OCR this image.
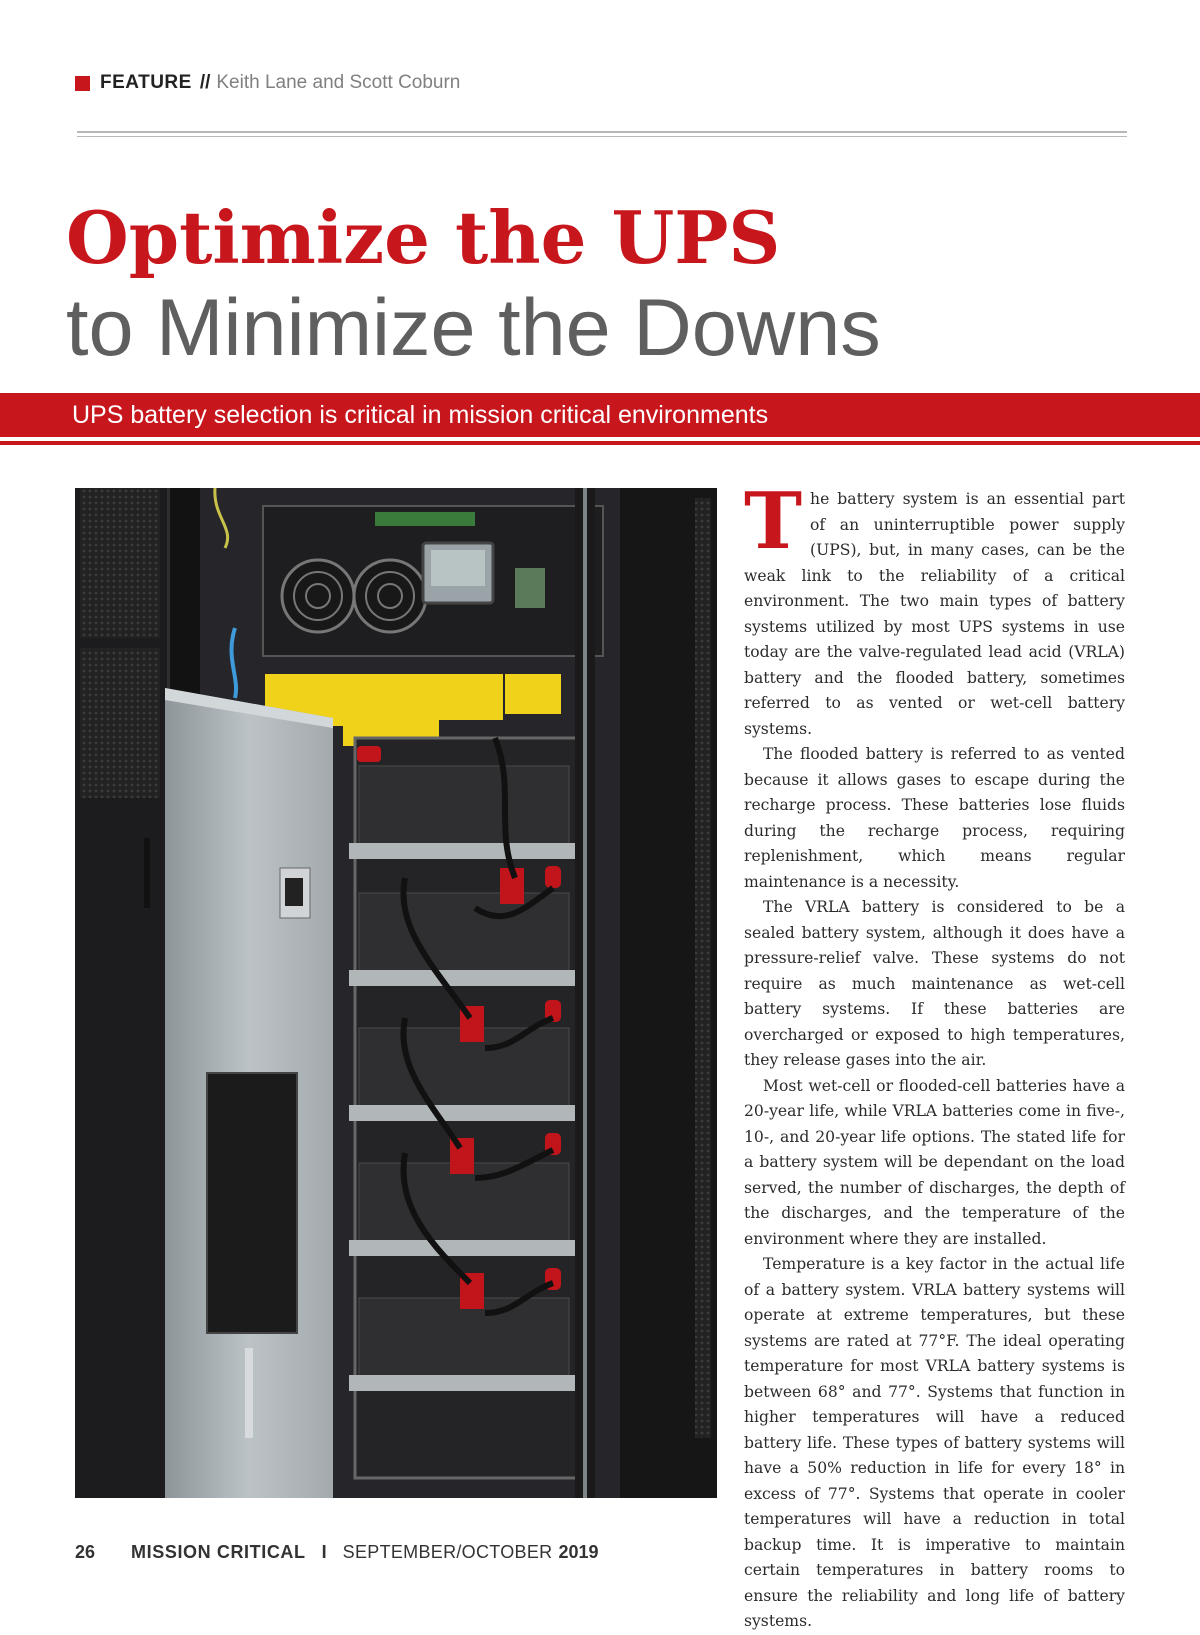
FEATURE // Keith Lane and Scott Coburn
Optimize the UPS
to Minimize the Downs
UPS battery selection is critical in mission critical environments

The battery system is an essential part of an uninterruptible power supply (UPS), but, in many cases, can be the weak link to the reliability of a critical environment. The two main types of battery systems utilized by most UPS systems in use today are the valve-regulated lead acid (VRLA) battery and the flooded battery, sometimes referred to as vented or wet-cell battery systems.

The flooded battery is referred to as vented because it allows gases to escape during the recharge process. These batteries lose fluids during the recharge process, requiring replenishment, which means regular maintenance is a necessity.

The VRLA battery is considered to be a sealed battery system, although it does have a pressure-relief valve. These systems do not require as much maintenance as wet-cell battery systems. If these batteries are overcharged or exposed to high temperatures, they release gases into the air.

Most wet-cell or flooded-cell batteries have a 20-year life, while VRLA batteries come in five-, 10-, and 20-year life options. The stated life for a battery system will be dependant on the load served, the number of discharges, the depth of the discharges, and the temperature of the environment where they are installed.

Temperature is a key factor in the actual life of a battery system. VRLA battery systems will operate at extreme temperatures, but these systems are rated at 77°F. The ideal operating temperature for most VRLA battery systems is between 68° and 77°. Systems that function in higher temperatures will have a reduced battery life. These types of battery systems will have a 50% reduction in life for every 18° in excess of 77°. Systems that operate in cooler temperatures will have a reduction in total backup time. It is imperative to maintain certain temperatures in battery rooms to ensure the reliability and long life of battery systems.

26 MISSION CRITICAL I SEPTEMBER/OCTOBER 2019
